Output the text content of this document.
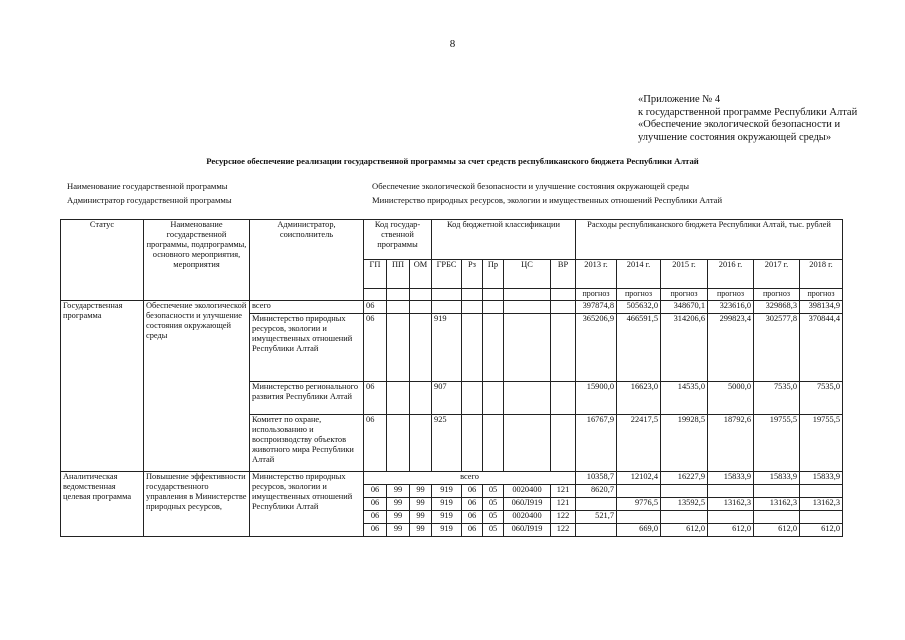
8
«Приложение № 4
к государственной программе Республики Алтай
«Обеспечение экологической безопасности и
улучшение состояния окружающей среды»
Ресурсное обеспечение реализации государственной программы за счет средств республиканского бюджета Республики Алтай
Наименование государственной программы	Обеспечение экологической безопасности и улучшение состояния окружающей среды
Администратор государственной программы	Министерство природных ресурсов, экологии и имущественных отношений Республики Алтай
Статус	Наименование государственной программы, подпрограммы, основного мероприятия, мероприятия	Администратор, соисполнитель	Код государ-ственной программы			Код бюджетной классификации					Расходы республиканского бюджета Республики Алтай, тыс. рублей					
			ГП	ПП	ОМ	ГРБС	Рз	Пр	ЦС	ВР	2013 г.	2014 г.	2015 г.	2016 г.	2017 г.	2018 г.
											прогноз	прогноз	прогноз	прогноз	прогноз	прогноз
Государственная программа	Обеспечение экологической безопасности и улучшение состояния окружающей среды	всего	06								397874,8	505632,0	348670,1	323616,0	329868,3	398134,9
		Министерство природных ресурсов, экологии и имущественных отношений Республики Алтай	06			919					365206,9	466591,5	314206,6	299823,4	302577,8	370844,4
		Министерство регионального развития Республики Алтай	06			907					15900,0	16623,0	14535,0	5000,0	7535,0	7535,0
		Комитет по охране, использованию и воспроизводству объектов животного мира Республики Алтай	06			925					16767,9	22417,5	19928,5	18792,6	19755,5	19755,5
Аналитическая ведомственная целевая программа	Повышение эффективности государственного управления в Министерстве природных ресурсов,	Министерство природных ресурсов, экологии и имущественных отношений Республики Алтай	всего								10358,7	12102,4	16227,9	15833,9	15833,9	15833,9
			06	99	99	919	06	05	0020400	121	8620,7					
			06	99	99	919	06	05	060Л919	121		9776,5	13592,5	13162,3	13162,3	13162,3
			06	99	99	919	06	05	0020400	122	521,7					
			06	99	99	919	06	05	060Л919	122		669,0	612,0	612,0	612,0	612,0
